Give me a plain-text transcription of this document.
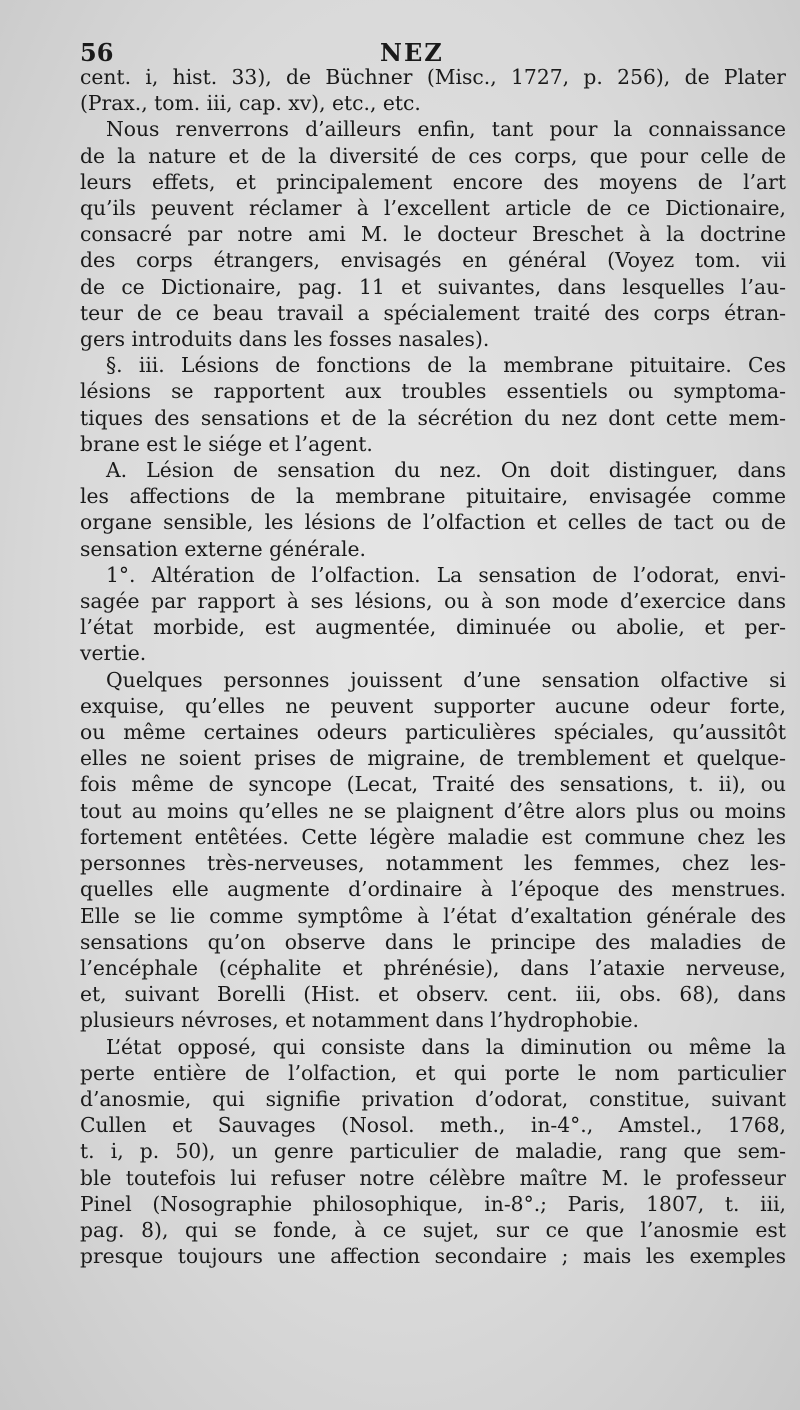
56	NEZ

cent. i, hist. 33), de Büchner (Misc., 1727, p. 256), de Plater

(Prax., tom. iii, cap. xv), etc., etc.

Nous renverrons d’ailleurs enfin, tant pour la connaissance

de la nature et de la diversité de ces corps, que pour celle de

leurs effets, et principalement encore des moyens de l’art

qu’ils peuvent réclamer à l’excellent article de ce Dictionaire,

consacré par notre ami M. le docteur Breschet à la doctrine

des corps étrangers, envisagés en général (Voyez tom. vii

de ce Dictionaire, pag. 11 et suivantes, dans lesquelles l’au-

teur de ce beau travail a spécialement traité des corps étran-

gers introduits dans les fosses nasales).

§. iii. Lésions de fonctions de la membrane pituitaire. Ces

lésions se rapportent aux troubles essentiels ou symptoma-

tiques des sensations et de la sécrétion du nez dont cette mem-

brane est le siége et l’agent.

A. Lésion de sensation du nez. On doit distinguer, dans

les affections de la membrane pituitaire, envisagée comme

organe sensible, les lésions de l’olfaction et celles de tact ou de

sensation externe générale.

1°. Altération de l’olfaction. La sensation de l’odorat, envi-

sagée par rapport à ses lésions, ou à son mode d’exercice dans

l’état morbide, est augmentée, diminuée ou abolie, et per-

vertie.

Quelques personnes jouissent d’une sensation olfactive si

exquise, qu’elles ne peuvent supporter aucune odeur forte,

ou même certaines odeurs particulières spéciales, qu’aussitôt

elles ne soient prises de migraine, de tremblement et quelque-

fois même de syncope (Lecat, Traité des sensations, t. ii), ou

tout au moins qu’elles ne se plaignent d’être alors plus ou moins

fortement entêtées. Cette légère maladie est commune chez les

personnes très-nerveuses, notamment les femmes, chez les-

quelles elle augmente d’ordinaire à l’époque des menstrues.

Elle se lie comme symptôme à l’état d’exaltation générale des

sensations qu’on observe dans le principe des maladies de

l’encéphale (céphalite et phrénésie), dans l’ataxie nerveuse,

et, suivant Borelli (Hist. et observ. cent. iii, obs. 68), dans

plusieurs névroses, et notamment dans l’hydrophobie.

L’état opposé, qui consiste dans la diminution ou même la

perte entière de l’olfaction, et qui porte le nom particulier

d’anosmie, qui signifie privation d’odorat, constitue, suivant

Cullen et Sauvages (Nosol. meth., in-4°., Amstel., 1768,

t. i, p. 50), un genre particulier de maladie, rang que sem-

ble toutefois lui refuser notre célèbre maître M. le professeur

Pinel (Nosographie philosophique, in-8°.; Paris, 1807, t. iii,

pag. 8), qui se fonde, à ce sujet, sur ce que l’anosmie est

presque toujours une affection secondaire ; mais les exemples
